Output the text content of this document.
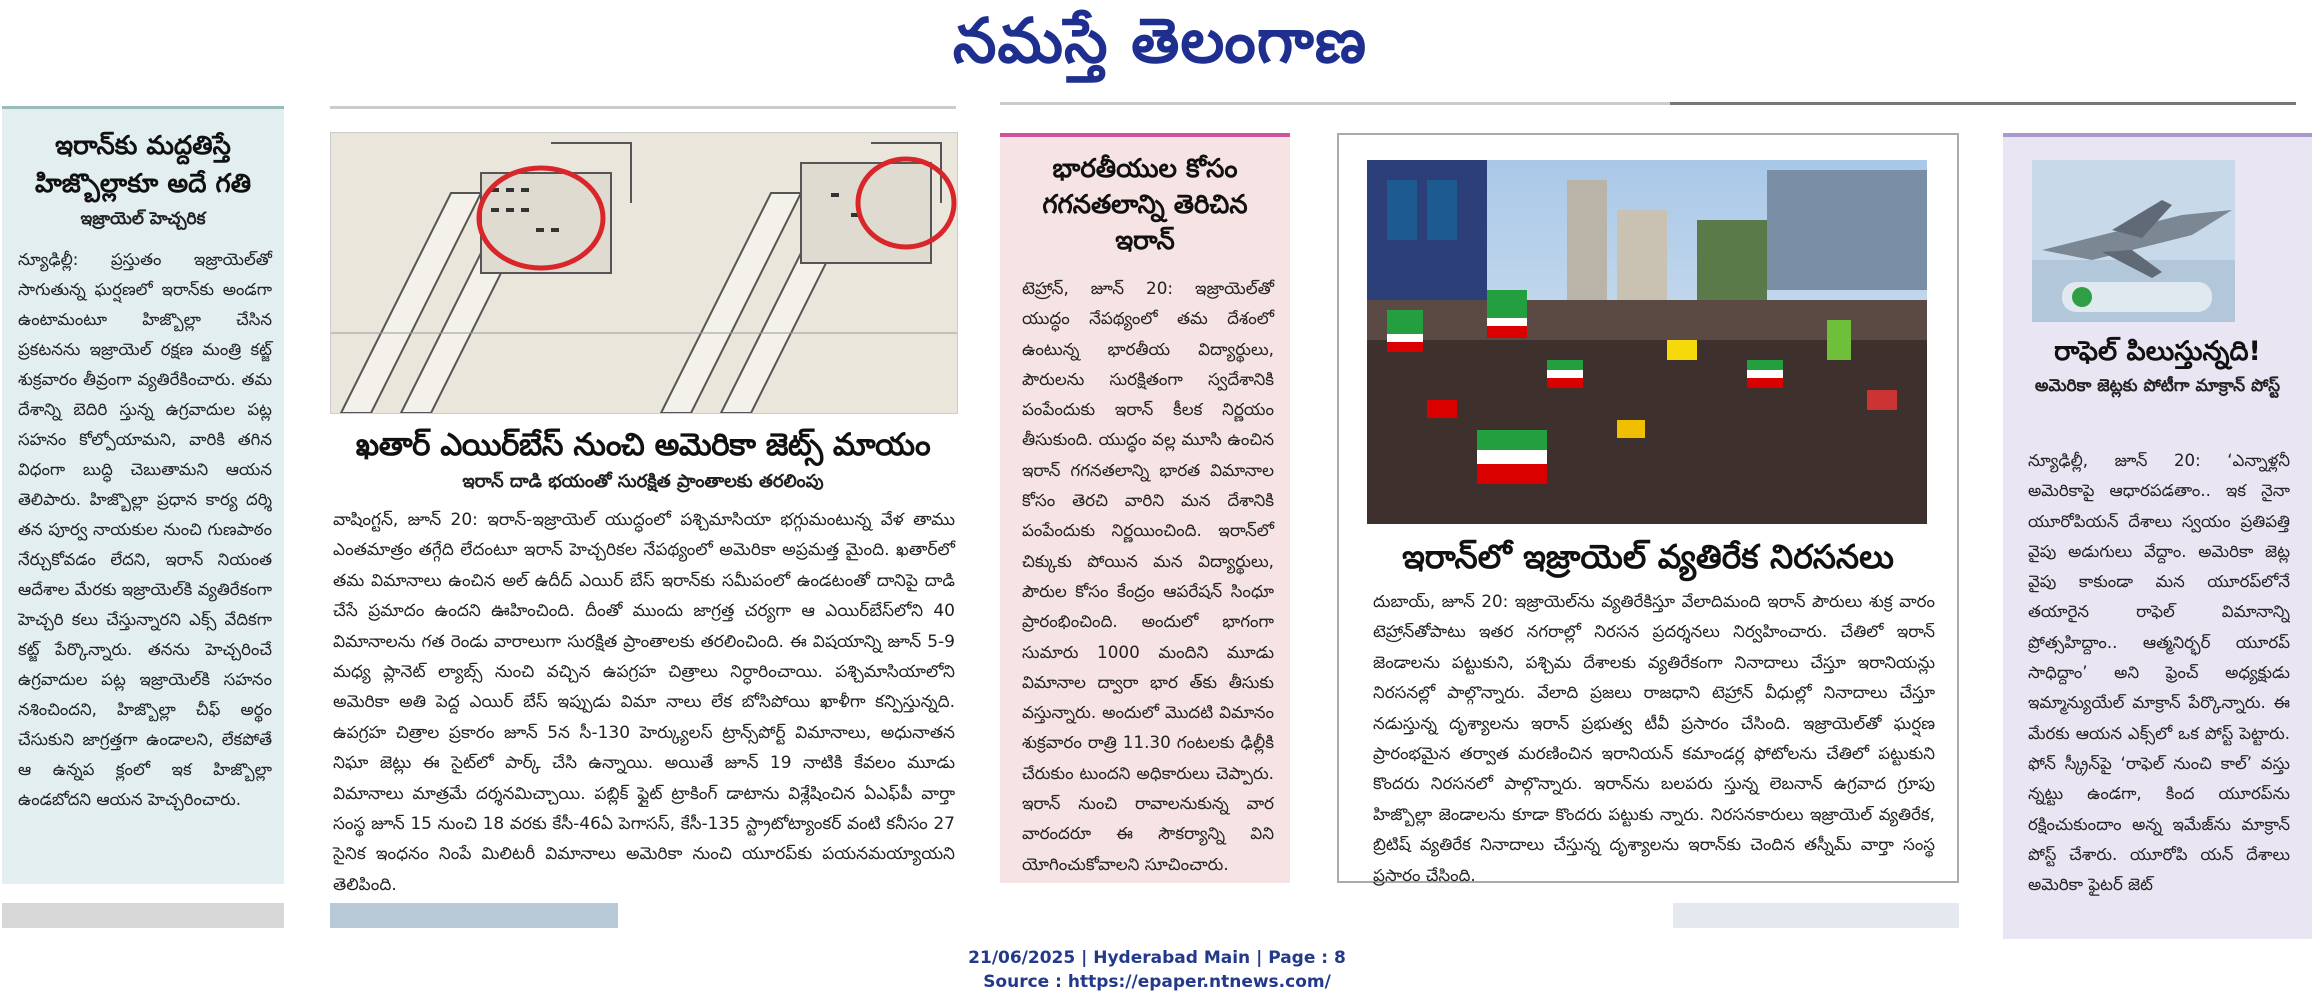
నమస్తే తెలంగాణ
ఇరాన్‌కు మద్దతిస్తే హిజ్బొల్లాకూ అదే గతి
ఇజ్రాయెల్ హెచ్చరిక
న్యూఢిల్లీ: ప్రస్తుతం ఇజ్రాయెల్‌తో సాగుతున్న ఘర్షణలో ఇరాన్‌కు అండగా ఉంటామంటూ హిజ్బొల్లా చేసిన ప్రకటనను ఇజ్రాయెల్ రక్షణ మంత్రి కట్జ్ శుక్రవారం తీవ్రంగా వ్యతిరేకించారు. తమ దేశాన్ని బెదిరి స్తున్న ఉగ్రవాదుల పట్ల సహనం కోల్పోయామని, వారికి తగిన విధంగా బుద్ధి చెబుతామని ఆయన తెలిపారు. హిజ్బొల్లా ప్రధాన కార్య దర్శి తన పూర్వ నాయకుల నుంచి గుణపాఠం నేర్చుకోవడం లేదని, ఇరాన్ నియంత ఆదేశాల మేరకు ఇజ్రాయెల్‌కి వ్యతిరేకంగా హెచ్చరి కలు చేస్తున్నారని ఎక్స్ వేదికగా కట్జ్ పేర్కొన్నారు. తనను హెచ్చరించే ఉగ్రవాదుల పట్ల ఇజ్రాయెల్‌కి సహనం నశించిందని, హిజ్బొల్లా చీఫ్ అర్థం చేసుకుని జాగ్రత్తగా ఉండాలని, లేకపోతే ఆ ఉన్నప క్లంలో ఇక హిజ్బొల్లా ఉండబోదని ఆయన హెచ్చరించారు.
ఖతార్ ఎయిర్‌బేస్ నుంచి అమెరికా జెట్స్ మాయం
ఇరాన్ దాడి భయంతో సురక్షిత ప్రాంతాలకు తరలింపు
వాషింగ్టన్, జూన్ 20: ఇరాన్-ఇజ్రాయెల్ యుద్ధంలో పశ్చిమాసియా భగ్గుమంటున్న వేళ తాము ఎంతమాత్రం తగ్గేది లేదంటూ ఇరాన్ హెచ్చరికల నేపథ్యంలో అమెరికా అప్రమత్త మైంది. ఖతార్‌లో తమ విమానాలు ఉంచిన అల్ ఉదీద్ ఎయిర్ బేస్ ఇరాన్‌కు సమీపంలో ఉండటంతో దానిపై దాడి చేసే ప్రమాదం ఉందని ఊహించింది. దీంతో ముందు జాగ్రత్త చర్యగా ఆ ఎయిర్‌బేస్‌లోని 40 విమానాలను గత రెండు వారాలుగా సురక్షిత ప్రాంతాలకు తరలించింది. ఈ విషయాన్ని జూన్ 5-9 మధ్య ప్లానెట్ ల్యాబ్స్ నుంచి వచ్చిన ఉపగ్రహ చిత్రాలు నిర్ధారించాయి. పశ్చిమాసియాలోని అమెరికా అతి పెద్ద ఎయిర్ బేస్ ఇప్పుడు విమా నాలు లేక బోసిపోయి ఖాళీగా కన్పిస్తున్నది. ఉపగ్రహ చిత్రాల ప్రకారం జూన్ 5న సీ-130 హెర్క్యులస్ ట్రాన్స్‌పోర్ట్ విమానాలు, అధునాతన నిఘా జెట్లు ఈ సైట్‌లో పార్క్ చేసి ఉన్నాయి. అయితే జూన్ 19 నాటికి కేవలం మూడు విమానాలు మాత్రమే దర్శనమిచ్చాయి. పబ్లిక్ ఫ్లైట్ ట్రాకింగ్ డాటాను విశ్లేషించిన ఏఎఫ్‌పీ వార్తా సంస్థ జూన్ 15 నుంచి 18 వరకు కేసీ-46ఏ పెగాసస్, కేసీ-135 స్ట్రాటోట్యాంకర్ వంటి కనీసం 27 సైనిక ఇంధనం నింపే మిలిటరీ విమానాలు అమెరికా నుంచి యూరప్‌కు పయనమయ్యాయని తెలిపింది.
భారతీయుల కోసం గగనతలాన్ని తెరిచిన ఇరాన్
టెహ్రాన్, జూన్ 20: ఇజ్రాయెల్‌తో యుద్ధం నేపథ్యంలో తమ దేశంలో ఉంటున్న భారతీయ విద్యార్థులు, పౌరులను సురక్షితంగా స్వదేశానికి పంపేందుకు ఇరాన్ కీలక నిర్ణయం తీసుకుంది. యుద్ధం వల్ల మూసి ఉంచిన ఇరాన్ గగనతలాన్ని భారత విమానాల కోసం తెరచి వారిని మన దేశానికి పంపేందుకు నిర్ణయించింది. ఇరాన్‌లో చిక్కుకు పోయిన మన విద్యార్థులు, పౌరుల కోసం కేంద్రం ఆపరేషన్ సింధూ ప్రారంభించింది. అందులో భాగంగా సుమారు 1000 మందిని మూడు విమానాల ద్వారా భార త్‌కు తీసుకు వస్తున్నారు. అందులో మొదటి విమానం శుక్రవారం రాత్రి 11.30 గంటలకు ఢిల్లీకి చేరుకుం టుందని అధికారులు చెప్పారు. ఇరాన్ నుంచి రావాలనుకున్న వార వారందరూ ఈ సౌకర్యాన్ని విని యోగించుకోవాలని సూచించారు.
ఇరాన్‌లో ఇజ్రాయెల్ వ్యతిరేక నిరసనలు
దుబాయ్, జూన్ 20: ఇజ్రాయెల్‌ను వ్యతిరేకిస్తూ వేలాదిమంది ఇరాన్ పౌరులు శుక్ర వారం టెహ్రాన్‌తోపాటు ఇతర నగరాల్లో నిరసన ప్రదర్శనలు నిర్వహించారు. చేతిలో ఇరాన్ జెండాలను పట్టుకుని, పశ్చిమ దేశాలకు వ్యతిరేకంగా నినాదాలు చేస్తూ ఇరానియన్లు నిరసనల్లో పాల్గొన్నారు. వేలాది ప్రజలు రాజధాని టెహ్రాన్ వీధుల్లో నినాదాలు చేస్తూ నడుస్తున్న దృశ్యాలను ఇరాన్ ప్రభుత్వ టీవీ ప్రసారం చేసింది. ఇజ్రాయెల్‌తో ఘర్షణ ప్రారంభమైన తర్వాత మరణించిన ఇరానియన్ కమాండర్ల ఫోటోలను చేతిలో పట్టుకుని కొందరు నిరసనలో పాల్గొన్నారు. ఇరాన్‌ను బలపరు స్తున్న లెబనాన్ ఉగ్రవాద గ్రూపు హిజ్బొల్లా జెండాలను కూడా కొందరు పట్టుకు న్నారు. నిరసనకారులు ఇజ్రాయెల్ వ్యతిరేక, బ్రిటిష్ వ్యతిరేక నినాదాలు చేస్తున్న దృశ్యాలను ఇరాన్‌కు చెందిన తస్నీమ్ వార్తా సంస్థ ప్రసారం చేసింది.
రాఫెల్ పిలుస్తున్నది!
అమెరికా జెట్లకు పోటీగా మాక్రాన్ పోస్ట్
న్యూఢిల్లీ, జూన్ 20: ‘ఎన్నాళ్లనీ అమెరికాపై ఆధారపడతాం.. ఇక నైనా యూరోపియన్ దేశాలు స్వయం ప్రతిపత్తి వైపు అడుగులు వేద్దాం. అమెరికా జెట్ల వైపు కాకుండా మన యూరప్‌లోనే తయారైన రాఫెల్ విమానాన్ని ప్రోత్సహిద్దాం.. ఆత్మనిర్భర్ యూరప్ సాధిద్దాం’ అని ఫ్రెంచ్ అధ్యక్షుడు ఇమ్మాన్యుయేల్ మాక్రాన్ పేర్కొన్నారు. ఈ మేరకు ఆయన ఎక్స్‌లో ఒక పోస్ట్ పెట్టారు. ఫోన్ స్క్రీన్‌పై ‘రాఫెల్ నుంచి కాల్’ వస్తు న్నట్టు ఉండగా, కింద యూరప్‌ను రక్షించుకుందాం అన్న ఇమేజ్‌ను మాక్రాన్ పోస్ట్ చేశారు. యూరోపి యన్ దేశాలు అమెరికా ఫైటర్ జెట్
21/06/2025 | Hyderabad Main | Page : 8
Source : https://epaper.ntnews.com/
